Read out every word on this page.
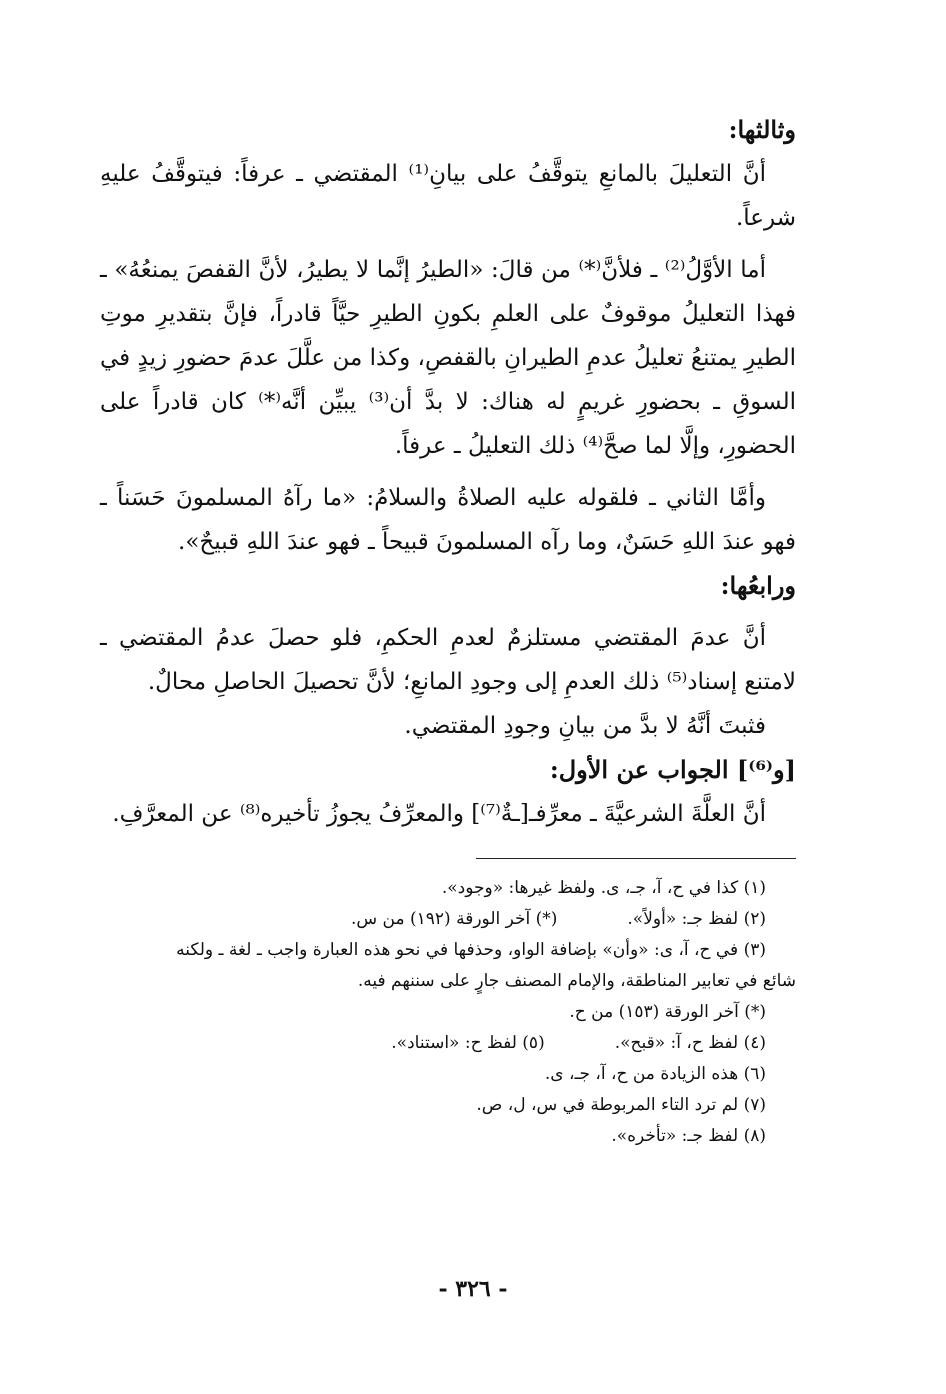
وثالثها:

أنَّ التعليلَ بالمانعِ يتوقَّفُ على بيانِ⁽¹⁾ المقتضي ـ عرفاً: فيتوقَّفُ عليهِ شرعاً.

أما الأوَّلُ⁽²⁾ ـ فلأنَّ⁽*⁾ من قالَ: «الطيرُ إنَّما لا يطيرُ، لأنَّ القفصَ يمنعُهُ» ـ فهذا التعليلُ موقوفٌ على العلمِ بكونِ الطيرِ حيَّاً قادراً، فإنَّ بتقديرِ موتِ الطيرِ يمتنعُ تعليلُ عدمِ الطيرانِ بالقفصِ، وكذا من علَّلَ عدمَ حضورِ زيدٍ في السوقِ ـ بحضورِ غريمٍ له هناك: لا بدَّ أن⁽³⁾ يبيِّن أنَّه⁽*⁾ كان قادراً على الحضورِ، وإلَّا لما صحَّ⁽⁴⁾ ذلك التعليلُ ـ عرفاً.

وأمَّا الثاني ـ فلقوله عليه الصلاةُ والسلامُ: «ما رآهُ المسلمونَ حَسَناً ـ فهو عندَ اللهِ حَسَنٌ، وما رآه المسلمونَ قبيحاً ـ فهو عندَ اللهِ قبيحٌ».

ورابعُها:

أنَّ عدمَ المقتضي مستلزمٌ لعدمِ الحكمِ، فلو حصلَ عدمُ المقتضي ـ لامتنع إسناد⁽⁵⁾ ذلك العدمِ إلى وجودِ المانعِ؛ لأنَّ تحصيلَ الحاصلِ محالٌ.

فثبتَ أنَّهُ لا بدَّ من بيانِ وجودِ المقتضي.

[و⁽⁶⁾] الجواب عن الأول:

أنَّ العلَّةَ الشرعيَّةَ ـ معرِّفـ[ـةٌ⁽⁷⁾] والمعرِّفُ يجوزُ تأخيره⁽⁸⁾ عن المعرَّفِ.

(١) كذا في ح، آ، جـ، ى. ولفظ غيرها: «وجود».

(٢) لفظ جـ: «أولاً».
(*) آخر الورقة (١٩٢) من س.

(٣) في ح، آ، ى: «وأن» بإضافة الواو، وحذفها في نحو هذه العبارة واجب ـ لغة ـ ولكنه

شائع في تعابير المناطقة، والإمام المصنف جارٍ على سننهم فيه.

(*) آخر الورقة (١٥٣) من ح.

(٤) لفظ ح، آ: «قبح».
(٥) لفظ ح: «استناد».

(٦) هذه الزيادة من ح، آ، جـ، ى.

(٧) لم ترد التاء المربوطة في س، ل، ص.

(٨) لفظ جـ: «تأخره».

- ٣٢٦ -
